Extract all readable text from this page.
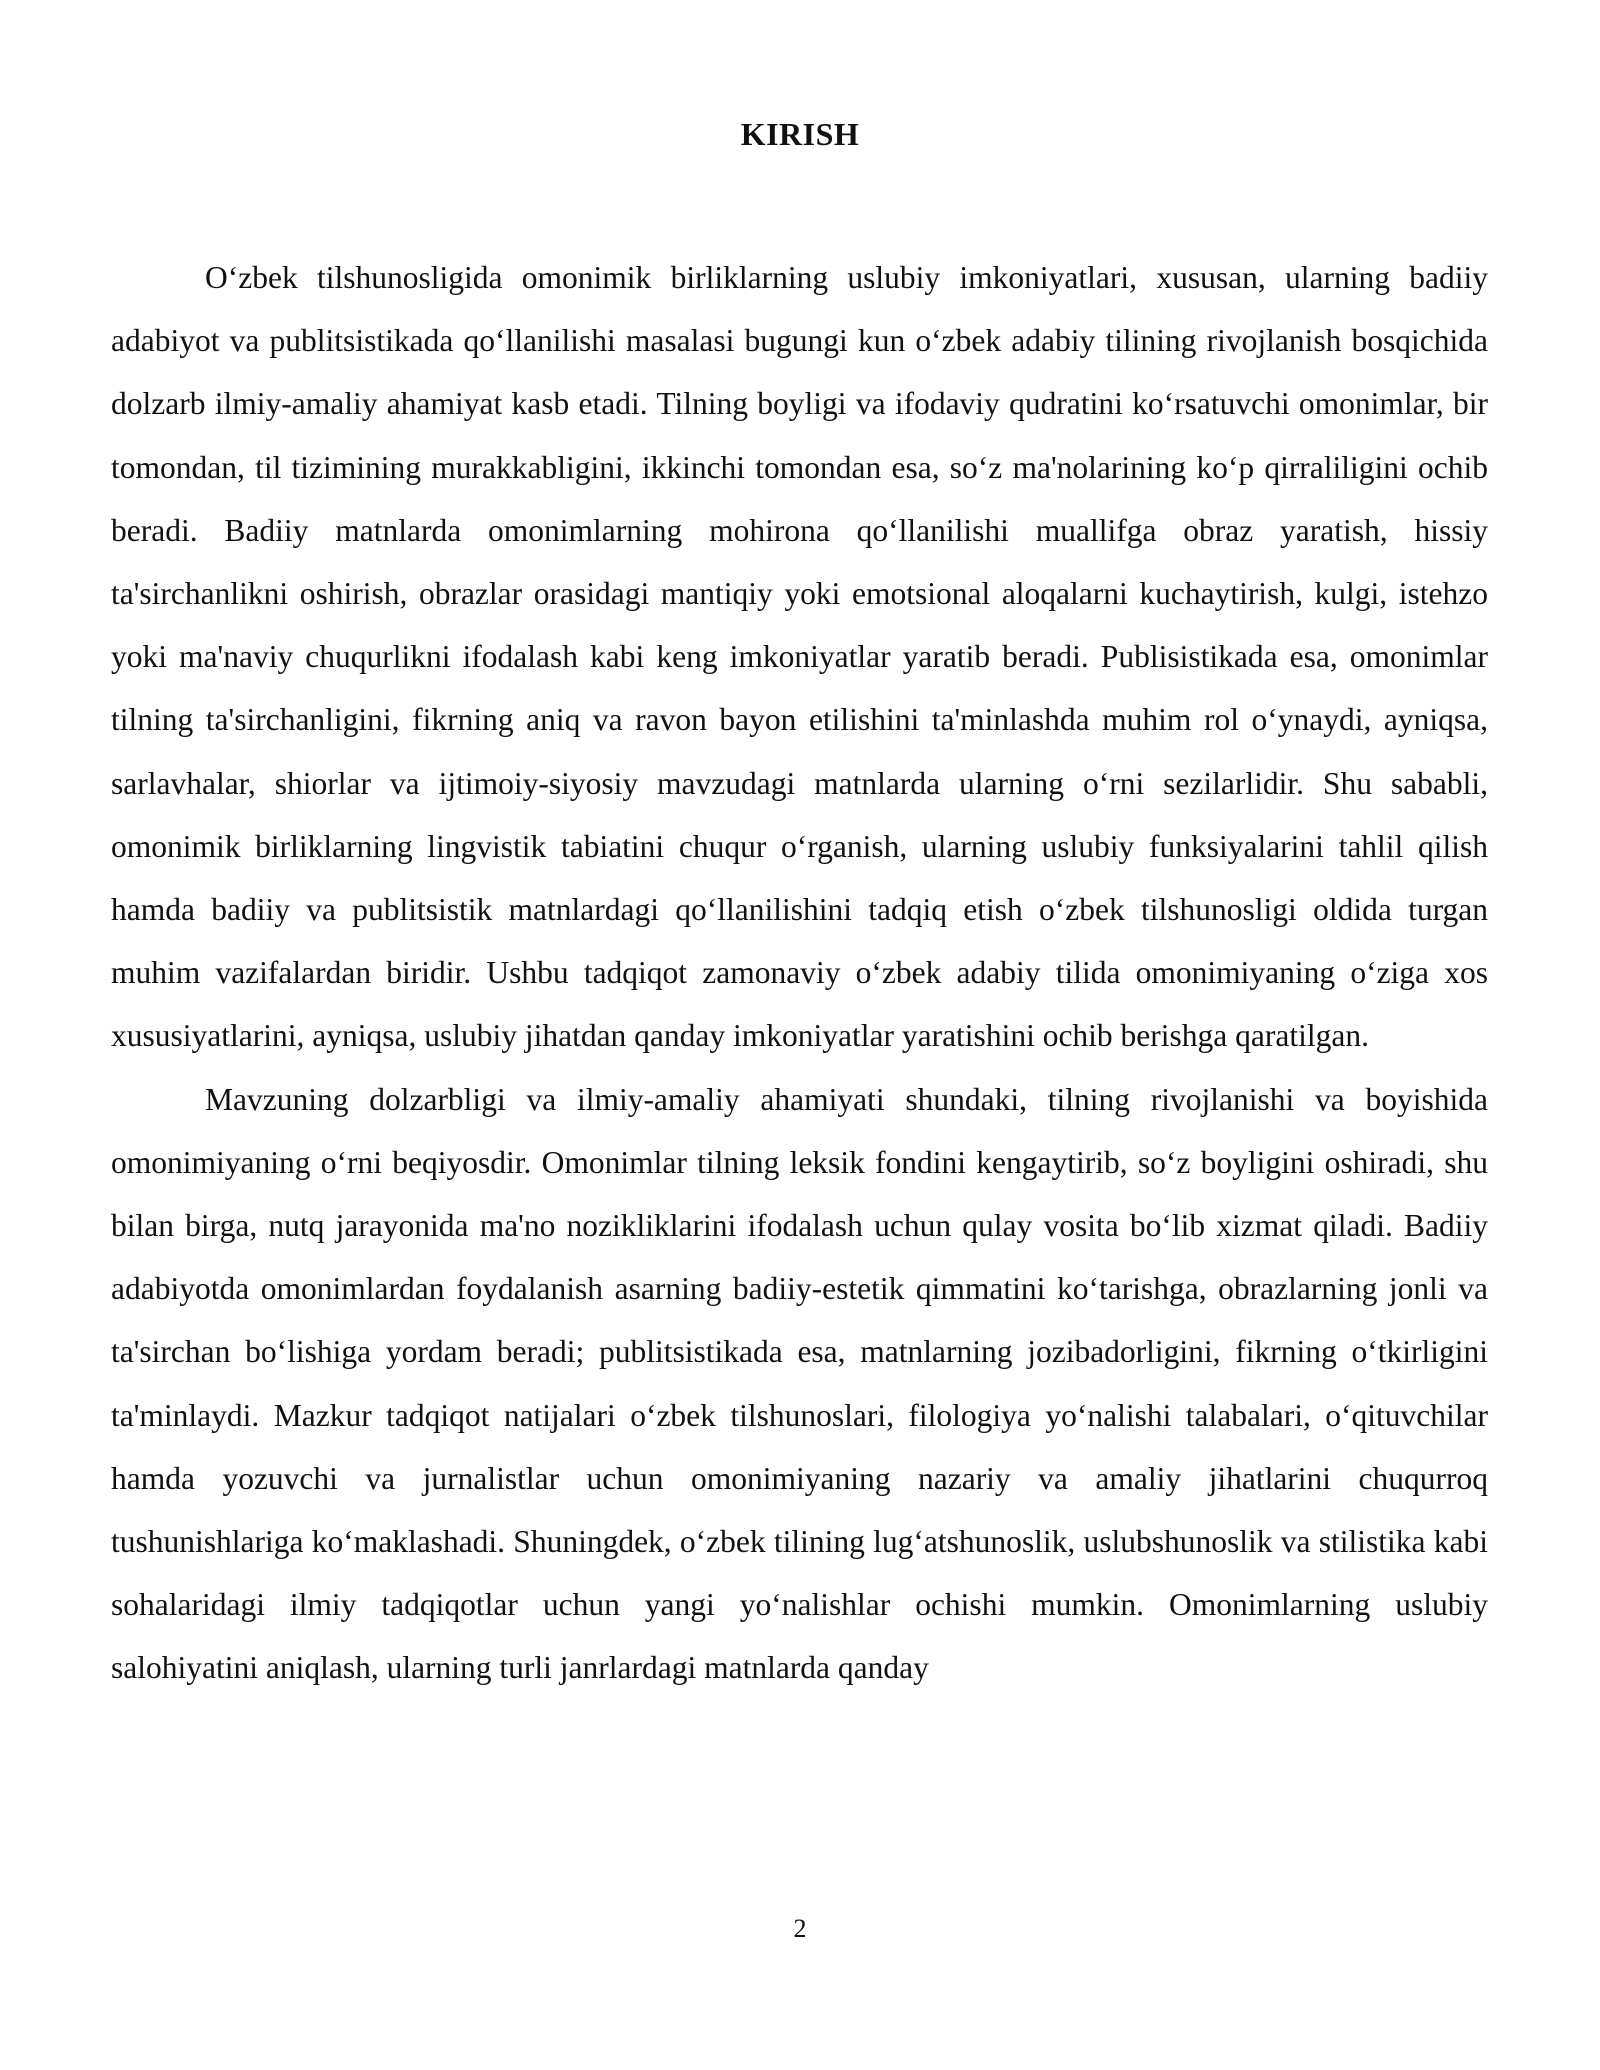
KIRISH

O‘zbek tilshunosligida omonimik birliklarning uslubiy imkoniyatlari, xususan, ularning badiiy adabiyot va publitsistikada qo‘llanilishi masalasi bugungi kun o‘zbek adabiy tilining rivojlanish bosqichida dolzarb ilmiy-amaliy ahamiyat kasb etadi. Tilning boyligi va ifodaviy qudratini ko‘rsatuvchi omonimlar, bir tomondan, til tizimining murakkabligini, ikkinchi tomondan esa, so‘z ma'nolarining ko‘p qirraliligini ochib beradi. Badiiy matnlarda omonimlarning mohirona qo‘llanilishi muallifga obraz yaratish, hissiy ta'sirchanlikni oshirish, obrazlar orasidagi mantiqiy yoki emotsional aloqalarni kuchaytirish, kulgi, istehzo yoki ma'naviy chuqurlikni ifodalash kabi keng imkoniyatlar yaratib beradi. Publisistikada esa, omonimlar tilning ta'sirchanligini, fikrning aniq va ravon bayon etilishini ta'minlashda muhim rol o‘ynaydi, ayniqsa, sarlavhalar, shiorlar va ijtimoiy-siyosiy mavzudagi matnlarda ularning o‘rni sezilarlidir. Shu sababli, omonimik birliklarning lingvistik tabiatini chuqur o‘rganish, ularning uslubiy funksiyalarini tahlil qilish hamda badiiy va publitsistik matnlardagi qo‘llanilishini tadqiq etish o‘zbek tilshunosligi oldida turgan muhim vazifalardan biridir. Ushbu tadqiqot zamonaviy o‘zbek adabiy tilida omonimiyaning o‘ziga xos xususiyatlarini, ayniqsa, uslubiy jihatdan qanday imkoniyatlar yaratishini ochib berishga qaratilgan.

Mavzuning dolzarbligi va ilmiy-amaliy ahamiyati shundaki, tilning rivojlanishi va boyishida omonimiyaning o‘rni beqiyosdir. Omonimlar tilning leksik fondini kengaytirib, so‘z boyligini oshiradi, shu bilan birga, nutq jarayonida ma'no nozikliklarini ifodalash uchun qulay vosita bo‘lib xizmat qiladi. Badiiy adabiyotda omonimlardan foydalanish asarning badiiy-estetik qimmatini ko‘tarishga, obrazlarning jonli va ta'sirchan bo‘lishiga yordam beradi; publitsistikada esa, matnlarning jozibadorligini, fikrning o‘tkirligini ta'minlaydi. Mazkur tadqiqot natijalari o‘zbek tilshunoslari, filologiya yo‘nalishi talabalari, o‘qituvchilar hamda yozuvchi va jurnalistlar uchun omonimiyaning nazariy va amaliy jihatlarini chuqurroq tushunishlariga ko‘maklashadi. Shuningdek, o‘zbek tilining lug‘atshunoslik, uslubshunoslik va stilistika kabi sohalaridagi ilmiy tadqiqotlar uchun yangi yo‘nalishlar ochishi mumkin. Omonimlarning uslubiy salohiyatini aniqlash, ularning turli janrlardagi matnlarda qanday

2
